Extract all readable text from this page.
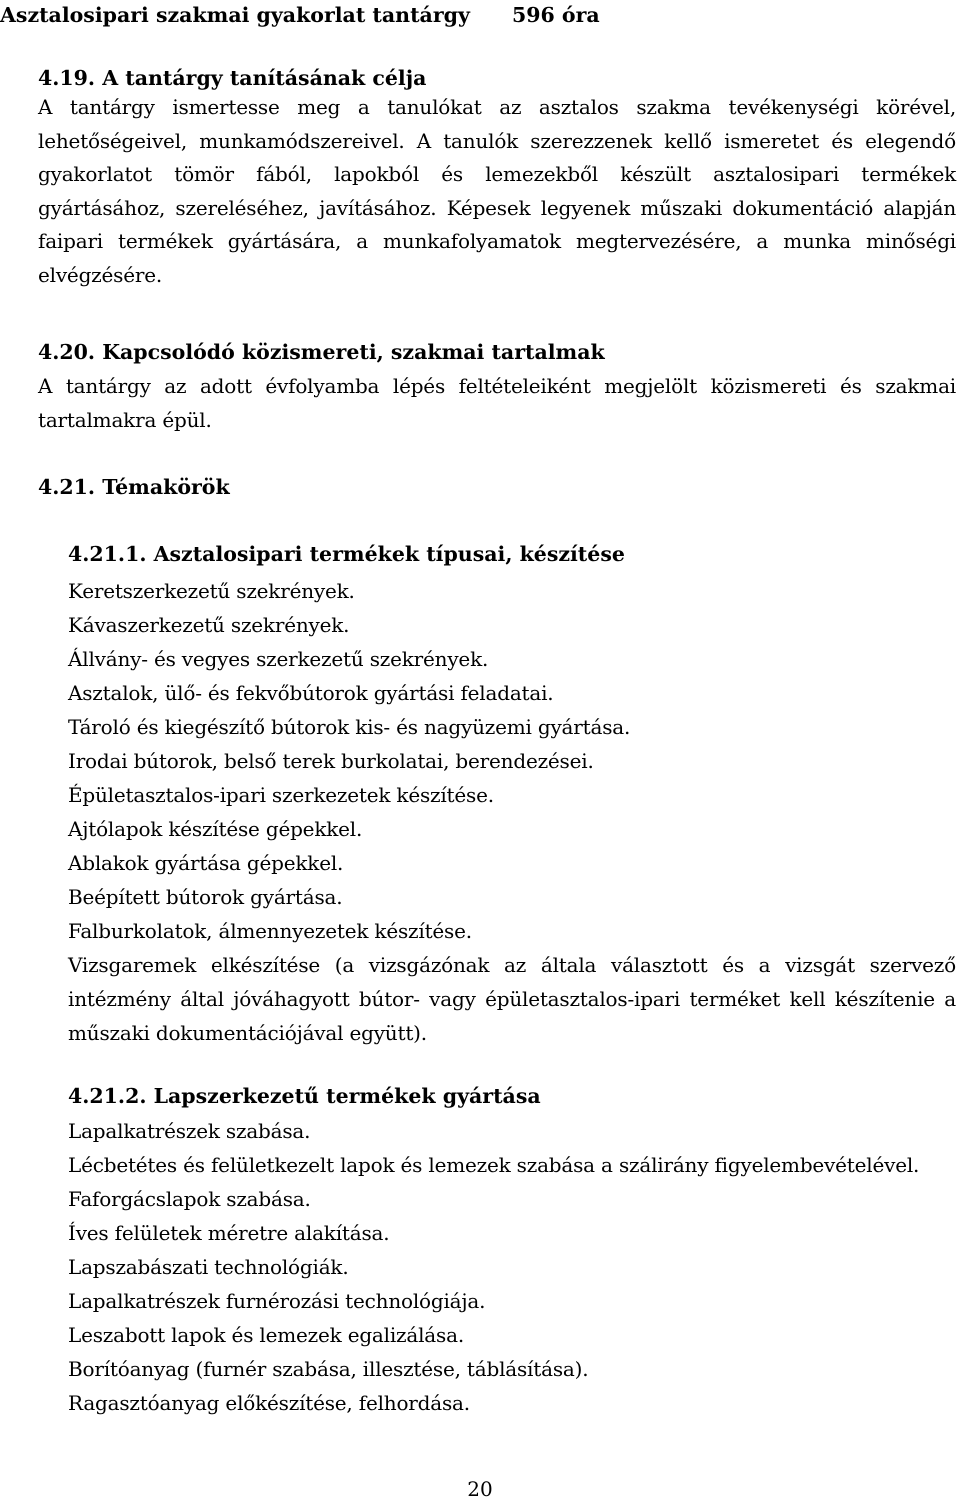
Asztalosipari szakmai gyakorlat tantárgy 596 óra
4.19. A tantárgy tanításának célja
A tantárgy ismertesse meg a tanulókat az asztalos szakma tevékenységi körével, lehetőségeivel, munkamódszereivel. A tanulók szerezzenek kellő ismeretet és elegendő gyakorlatot tömör fából, lapokból és lemezekből készült asztalosipari termékek gyártásához, szereléséhez, javításához. Képesek legyenek műszaki dokumentáció alapján faipari termékek gyártására, a munkafolyamatok megtervezésére, a munka minőségi elvégzésére.
4.20. Kapcsolódó közismereti, szakmai tartalmak
A tantárgy az adott évfolyamba lépés feltételeiként megjelölt közismereti és szakmai tartalmakra épül.
4.21. Témakörök
4.21.1. Asztalosipari termékek típusai, készítése
Keretszerkezetű szekrények.
Kávaszerkezetű szekrények.
Állvány- és vegyes szerkezetű szekrények.
Asztalok, ülő- és fekvőbútorok gyártási feladatai.
Tároló és kiegészítő bútorok kis- és nagyüzemi gyártása.
Irodai bútorok, belső terek burkolatai, berendezései.
Épületasztalos-ipari szerkezetek készítése.
Ajtólapok készítése gépekkel.
Ablakok gyártása gépekkel.
Beépített bútorok gyártása.
Falburkolatok, álmennyezetek készítése.
Vizsgaremek elkészítése (a vizsgázónak az általa választott és a vizsgát szervező intézmény által jóváhagyott bútor- vagy épületasztalos-ipari terméket kell készítenie a műszaki dokumentációjával együtt).
4.21.2. Lapszerkezetű termékek gyártása
Lapalkatrészek szabása.
Lécbetétes és felületkezelt lapok és lemezek szabása a szálirány figyelembevételével.
Faforgácslapok szabása.
Íves felületek méretre alakítása.
Lapszabászati technológiák.
Lapalkatrészek furnérozási technológiája.
Leszabott lapok és lemezek egalizálása.
Borítóanyag (furnér szabása, illesztése, táblásítása).
Ragasztóanyag előkészítése, felhordása.
20
